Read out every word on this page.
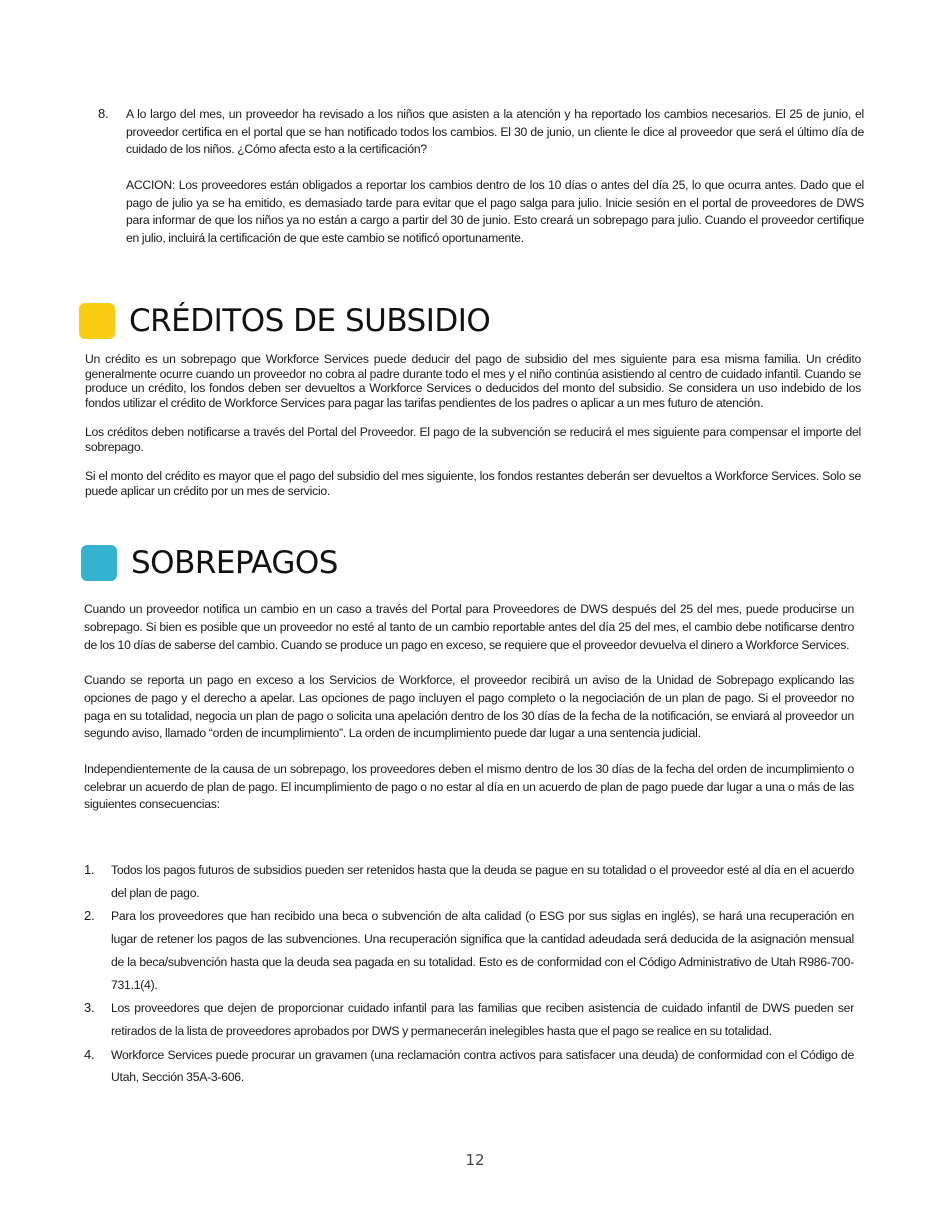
8. A lo largo del mes, un proveedor ha revisado a los niños que asisten a la atención y ha reportado los cambios necesarios. El 25 de junio, el proveedor certifica en el portal que se han notificado todos los cambios. El 30 de junio, un cliente le dice al proveedor que será el último día de cuidado de los niños. ¿Cómo afecta esto a la certificación?

ACCION: Los proveedores están obligados a reportar los cambios dentro de los 10 días o antes del día 25, lo que ocurra antes. Dado que el pago de julio ya se ha emitido, es demasiado tarde para evitar que el pago salga para julio. Inicie sesión en el portal de proveedores de DWS para informar de que los niños ya no están a cargo a partir del 30 de junio. Esto creará un sobrepago para julio. Cuando el proveedor certifique en julio, incluirá la certificación de que este cambio se notificó oportunamente.

CRÉDITOS DE SUBSIDIO

Un crédito es un sobrepago que Workforce Services puede deducir del pago de subsidio del mes siguiente para esa misma familia. Un crédito generalmente ocurre cuando un proveedor no cobra al padre durante todo el mes y el niño continúa asistiendo al centro de cuidado infantil. Cuando se produce un crédito, los fondos deben ser devueltos a Workforce Services o deducidos del monto del subsidio. Se considera un uso indebido de los fondos utilizar el crédito de Workforce Services para pagar las tarifas pendientes de los padres o aplicar a un mes futuro de atención.

Los créditos deben notificarse a través del Portal del Proveedor. El pago de la subvención se reducirá el mes siguiente para compensar el importe del sobrepago.

Si el monto del crédito es mayor que el pago del subsidio del mes siguiente, los fondos restantes deberán ser devueltos a Workforce Services. Solo se puede aplicar un crédito por un mes de servicio.

SOBREPAGOS

Cuando un proveedor notifica un cambio en un caso a través del Portal para Proveedores de DWS después del 25 del mes, puede producirse un sobrepago. Si bien es posible que un proveedor no esté al tanto de un cambio reportable antes del día 25 del mes, el cambio debe notificarse dentro de los 10 días de saberse del cambio. Cuando se produce un pago en exceso, se requiere que el proveedor devuelva el dinero a Workforce Services.

Cuando se reporta un pago en exceso a los Servicios de Workforce, el proveedor recibirá un aviso de la Unidad de Sobrepago explicando las opciones de pago y el derecho a apelar. Las opciones de pago incluyen el pago completo o la negociación de un plan de pago. Si el proveedor no paga en su totalidad, negocia un plan de pago o solicita una apelación dentro de los 30 días de la fecha de la notificación, se enviará al proveedor un segundo aviso, llamado “orden de incumplimiento”. La orden de incumplimiento puede dar lugar a una sentencia judicial.

Independientemente de la causa de un sobrepago, los proveedores deben el mismo dentro de los 30 días de la fecha del orden de incumplimiento o celebrar un acuerdo de plan de pago. El incumplimiento de pago o no estar al día en un acuerdo de plan de pago puede dar lugar a una o más de las siguientes consecuencias:

1. Todos los pagos futuros de subsidios pueden ser retenidos hasta que la deuda se pague en su totalidad o el proveedor esté al día en el acuerdo del plan de pago.
2. Para los proveedores que han recibido una beca o subvención de alta calidad (o ESG por sus siglas en inglés), se hará una recuperación en lugar de retener los pagos de las subvenciones. Una recuperación significa que la cantidad adeudada será deducida de la asignación mensual de la beca/subvención hasta que la deuda sea pagada en su totalidad. Esto es de conformidad con el Código Administrativo de Utah R986-700-731.1(4).
3. Los proveedores que dejen de proporcionar cuidado infantil para las familias que reciben asistencia de cuidado infantil de DWS pueden ser retirados de la lista de proveedores aprobados por DWS y permanecerán inelegibles hasta que el pago se realice en su totalidad.
4. Workforce Services puede procurar un gravamen (una reclamación contra activos para satisfacer una deuda) de conformidad con el Código de Utah, Sección 35A-3-606.
12
